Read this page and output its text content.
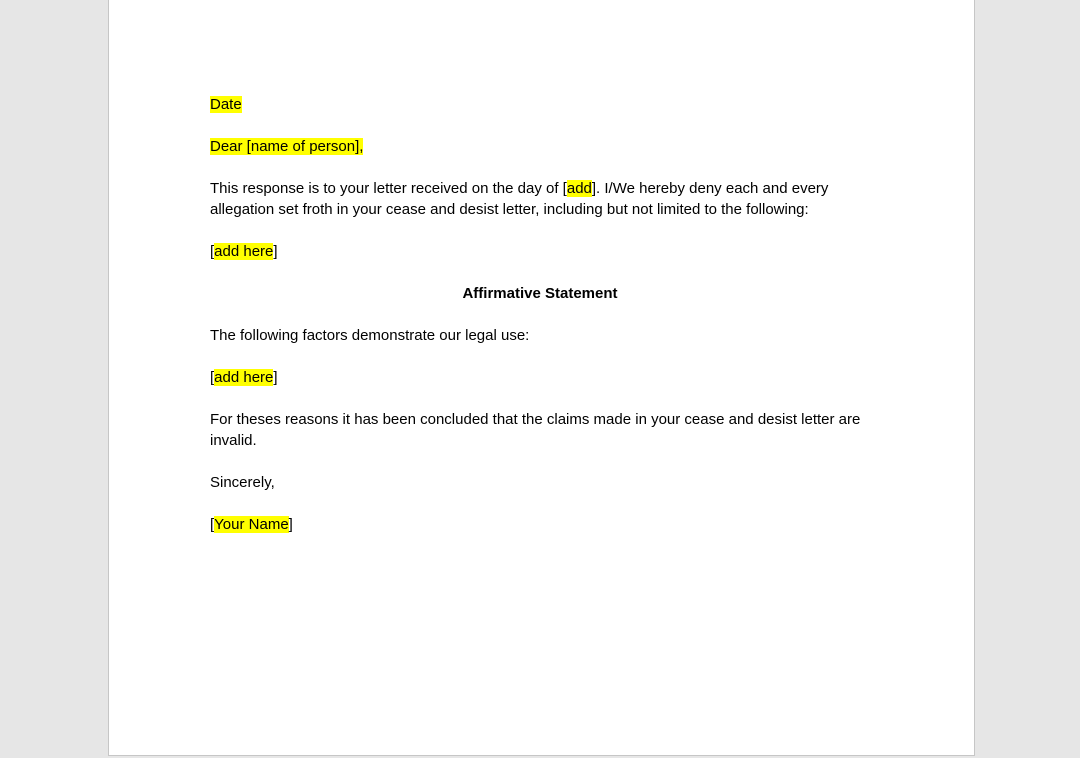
Date

Dear [name of person],

This response is to your letter received on the day of [add]. I/We hereby deny each and every allegation set froth in your cease and desist letter, including but not limited to the following:

[add here]

Affirmative Statement

The following factors demonstrate our legal use:

[add here]

For theses reasons it has been concluded that the claims made in your cease and desist letter are invalid.

Sincerely,

[Your Name]
